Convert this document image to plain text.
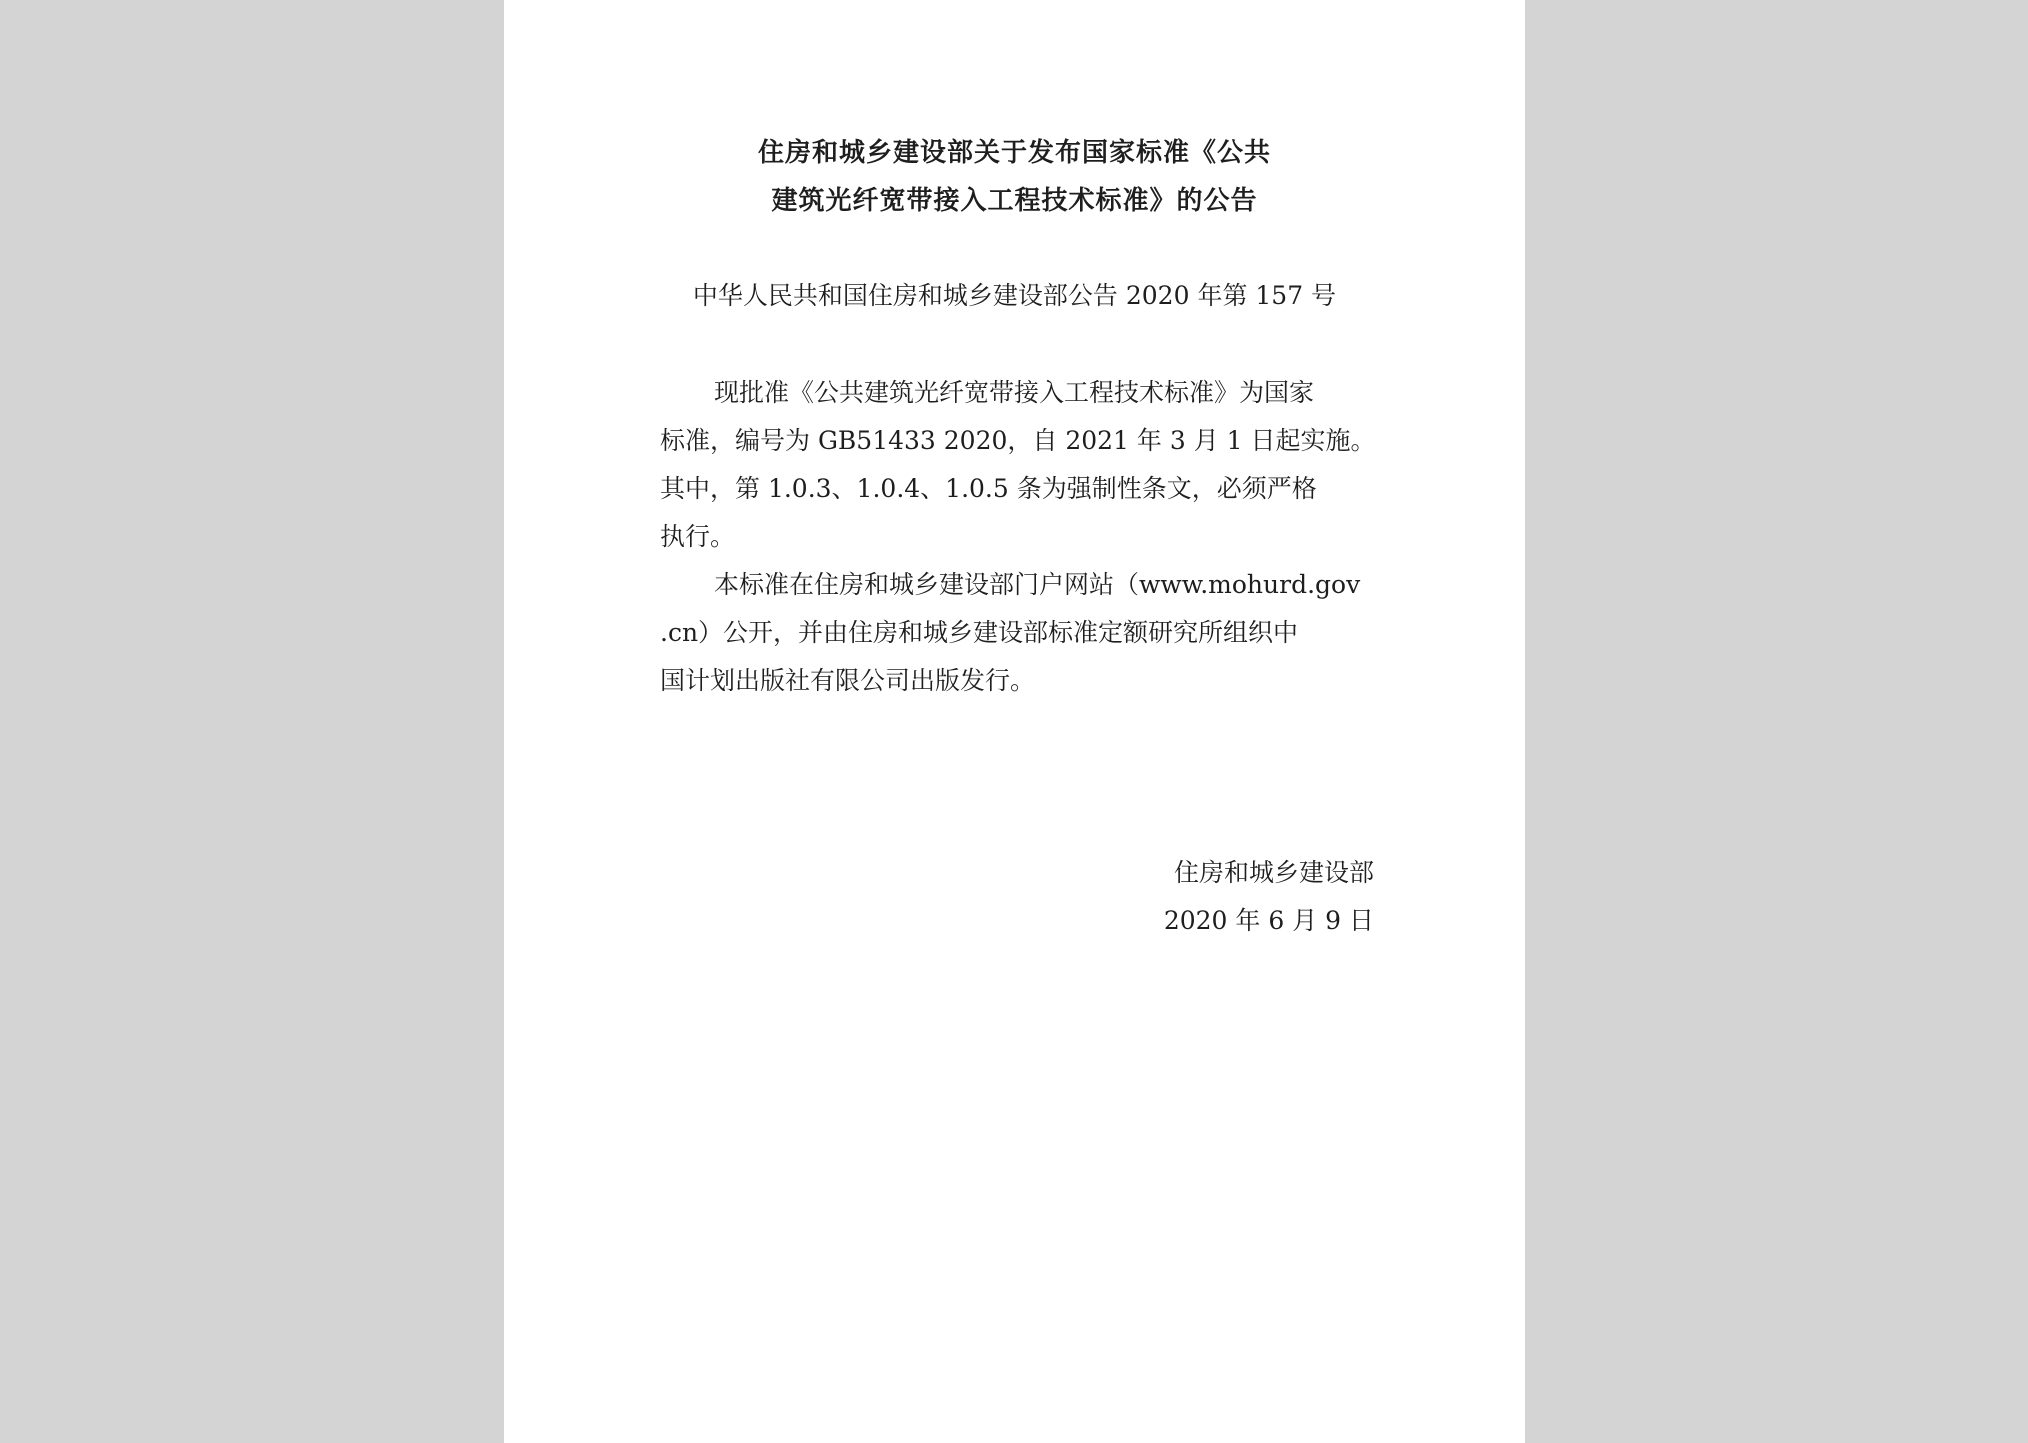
住房和城乡建设部关于发布国家标准《公共
建筑光纤宽带接入工程技术标准》的公告
中华人民共和国住房和城乡建设部公告 2020 年第 157 号
现批准《公共建筑光纤宽带接入工程技术标准》为国家
标准，编号为 GB51433 2020，自 2021 年 3 月 1 日起实施。
其中，第 1.0.3、1.0.4、1.0.5 条为强制性条文，必须严格
执行。
本标准在住房和城乡建设部门户网站（www.mohurd.gov
.cn）公开，并由住房和城乡建设部标准定额研究所组织中
国计划出版社有限公司出版发行。
住房和城乡建设部
2020 年 6 月 9 日
